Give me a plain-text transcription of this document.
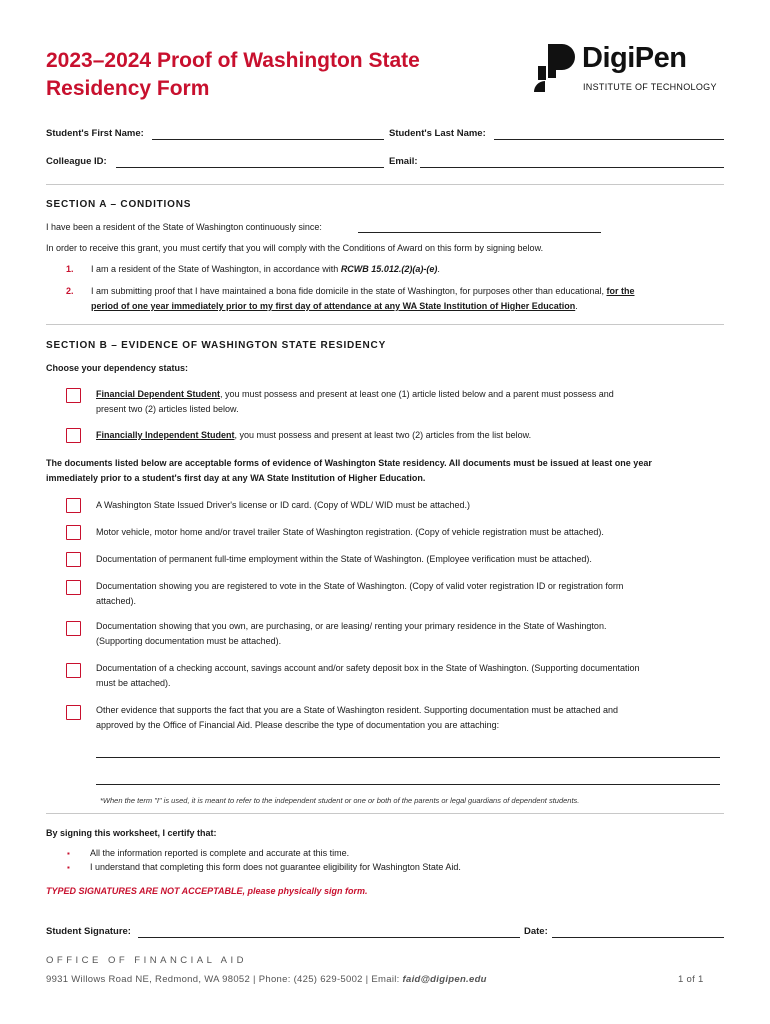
2023–2024 Proof of Washington State
Residency Form
DigiPen
INSTITUTE OF TECHNOLOGY
Student's First Name:	Student's Last Name:
Colleague ID:	Email:
SECTION A – CONDITIONS
I have been a resident of the State of Washington continuously since:
In order to receive this grant, you must certify that you will comply with the Conditions of Award on this form by signing below.
1. I am a resident of the State of Washington, in accordance with RCWB 15.012.(2)(a)-(e).
2. I am submitting proof that I have maintained a bona fide domicile in the state of Washington, for purposes other than educational, for the
period of one year immediately prior to my first day of attendance at any WA State Institution of Higher Education.
SECTION B – EVIDENCE OF WASHINGTON STATE RESIDENCY
Choose your dependency status:
Financial Dependent Student, you must possess and present at least one (1) article listed below and a parent must possess and
present two (2) articles listed below.
Financially Independent Student, you must possess and present at least two (2) articles from the list below.
The documents listed below are acceptable forms of evidence of Washington State residency. All documents must be issued at least one year
immediately prior to a student's first day at any WA State Institution of Higher Education.
A Washington State Issued Driver's license or ID card. (Copy of WDL/ WID must be attached.)
Motor vehicle, motor home and/or travel trailer State of Washington registration. (Copy of vehicle registration must be attached).
Documentation of permanent full-time employment within the State of Washington. (Employee verification must be attached).
Documentation showing you are registered to vote in the State of Washington. (Copy of valid voter registration ID or registration form
attached).
Documentation showing that you own, are purchasing, or are leasing/ renting your primary residence in the State of Washington.
(Supporting documentation must be attached).
Documentation of a checking account, savings account and/or safety deposit box in the State of Washington. (Supporting documentation
must be attached).
Other evidence that supports the fact that you are a State of Washington resident. Supporting documentation must be attached and
approved by the Office of Financial Aid. Please describe the type of documentation you are attaching:
*When the term "I" is used, it is meant to refer to the independent student or one or both of the parents or legal guardians of dependent students.
By signing this worksheet, I certify that:
▪ All the information reported is complete and accurate at this time.
▪ I understand that completing this form does not guarantee eligibility for Washington State Aid.
TYPED SIGNATURES ARE NOT ACCEPTABLE, please physically sign form.
Student Signature:	Date:
OFFICE OF FINANCIAL AID
9931 Willows Road NE, Redmond, WA 98052 | Phone: (425) 629-5002 | Email: faid@digipen.edu	1 of 1
